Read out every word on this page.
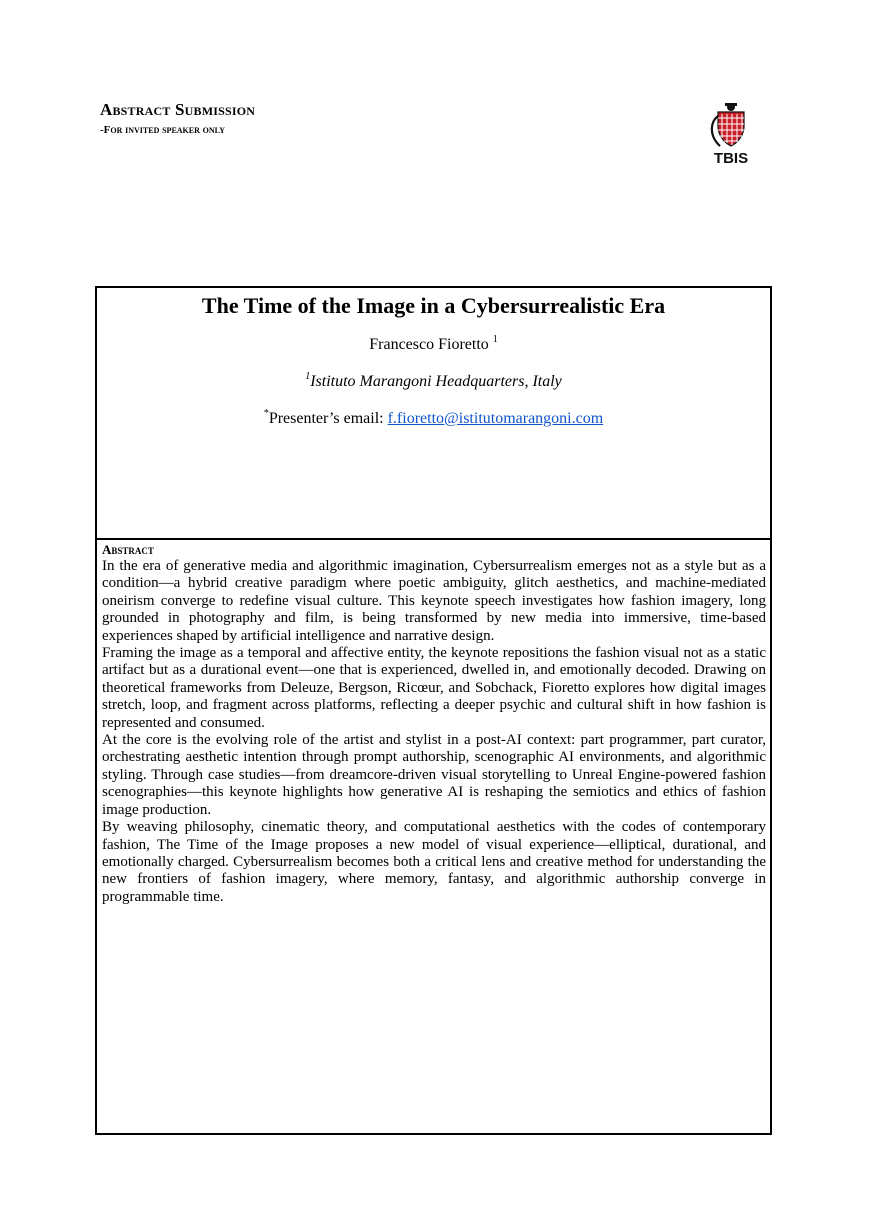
Abstract Submission
-For invited speaker only
TBIS
The Time of the Image in a Cybersurrealistic Era
Francesco Fioretto $^1$
$^1$Istituto Marangoni Headquarters, Italy
*Presenter’s email: f.fioretto@istitutomarangoni.com
Abstract

In the era of generative media and algorithmic imagination, Cybersurrealism emerges not as a style but as a condition—a hybrid creative paradigm where poetic ambiguity, glitch aesthetics, and machine-mediated oneirism converge to redefine visual culture. This keynote speech investigates how fashion imagery, long grounded in photography and film, is being transformed by new media into immersive, time-based experiences shaped by artificial intelligence and narrative design.

Framing the image as a temporal and affective entity, the keynote repositions the fashion visual not as a static artifact but as a durational event—one that is experienced, dwelled in, and emotionally decoded. Drawing on theoretical frameworks from Deleuze, Bergson, Ricœur, and Sobchack, Fioretto explores how digital images stretch, loop, and fragment across platforms, reflecting a deeper psychic and cultural shift in how fashion is represented and consumed.

At the core is the evolving role of the artist and stylist in a post-AI context: part programmer, part curator, orchestrating aesthetic intention through prompt authorship, scenographic AI environments, and algorithmic styling. Through case studies—from dreamcore-driven visual storytelling to Unreal Engine-powered fashion scenographies—this keynote highlights how generative AI is reshaping the semiotics and ethics of fashion image production.

By weaving philosophy, cinematic theory, and computational aesthetics with the codes of contemporary fashion, The Time of the Image proposes a new model of visual experience—elliptical, durational, and emotionally charged. Cybersurrealism becomes both a critical lens and creative method for understanding the new frontiers of fashion imagery, where memory, fantasy, and algorithmic authorship converge in programmable time.
